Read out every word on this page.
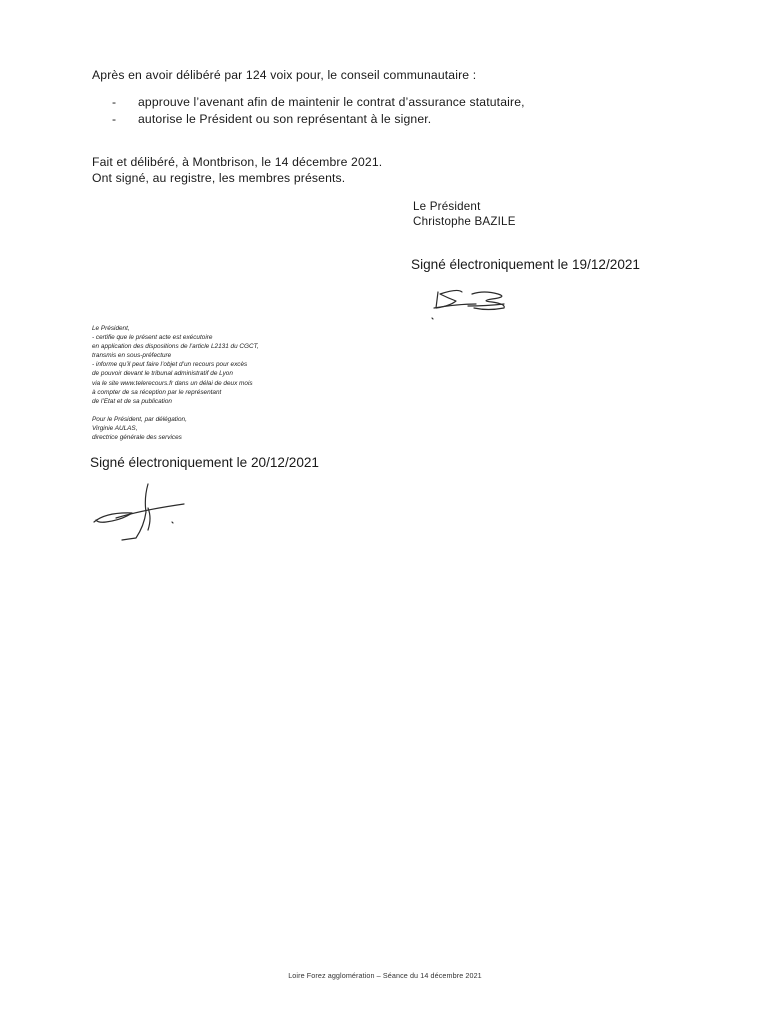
Après en avoir délibéré par 124 voix pour, le conseil communautaire :
- approuve l’avenant afin de maintenir le contrat d’assurance statutaire,
- autorise le Président ou son représentant à le signer.
Fait et délibéré, à Montbrison, le 14 décembre 2021.
Ont signé, au registre, les membres présents.
Le Président
Christophe BAZILE
Signé électroniquement le 19/12/2021
Le Président,
- certifie que le présent acte est exécutoire
en application des dispositions de l’article L2131 du CGCT,
transmis en sous-préfecture
- informe qu’il peut faire l’objet d’un recours pour excès
de pouvoir devant le tribunal administratif de Lyon
via le site www.telerecours.fr dans un délai de deux mois
à compter de sa réception par le représentant
de l’Etat et de sa publication
Pour le Président, par délégation,
Virginie AULAS,
directrice générale des services
Signé électroniquement le 20/12/2021
Loire Forez agglomération – Séance du 14 décembre 2021
